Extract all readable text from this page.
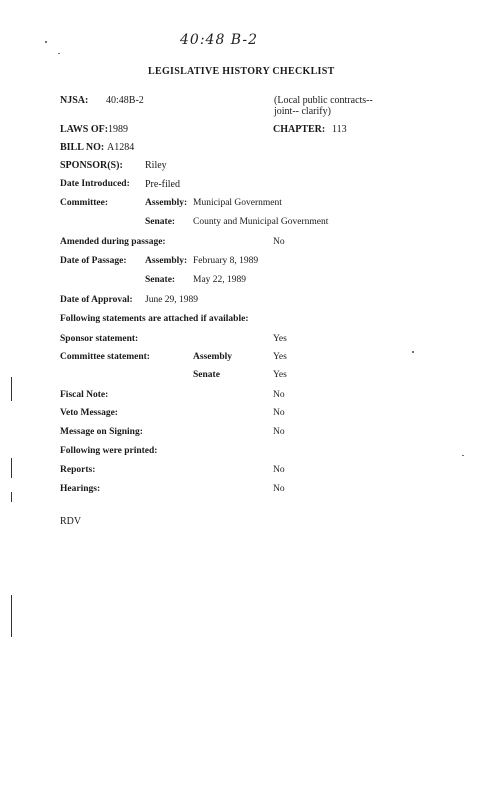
40:48 B-2
LEGISLATIVE HISTORY CHECKLIST
NJSA: 40:48B-2	(Local public contracts--
joint-- clarify)
LAWS OF: 1989	CHAPTER: 113
BILL NO: A1284
SPONSOR(S): Riley
Date Introduced: Pre-filed
Committee:	Assembly: Municipal Government
Senate: County and Municipal Government
Amended during passage:	No
Date of Passage: Assembly: February 8, 1989
Senate: May 22, 1989
Date of Approval: June 29, 1989
Following statements are attached if available:
Sponsor statement:	Yes
Committee statement:	Assembly	Yes
Senate	Yes
Fiscal Note:	No
Veto Message:	No
Message on Signing:	No
Following were printed:
Reports:	No
Hearings:	No
RDV
